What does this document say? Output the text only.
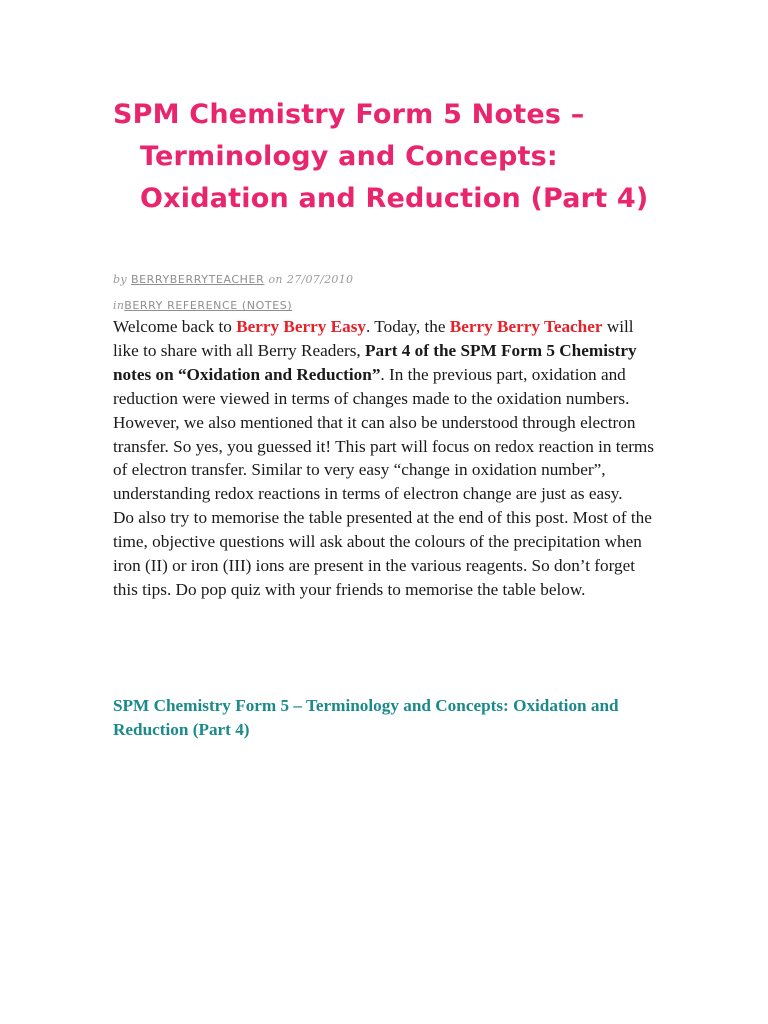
SPM Chemistry Form 5 Notes – Terminology and Concepts: Oxidation and Reduction (Part 4)
by BERRYBERRYTEACHER on 27/07/2010
inBERRY REFERENCE (NOTES)

Welcome back to Berry Berry Easy. Today, the Berry Berry Teacher will like to share with all Berry Readers, Part 4 of the SPM Form 5 Chemistry notes on “Oxidation and Reduction”. In the previous part, oxidation and reduction were viewed in terms of changes made to the oxidation numbers. However, we also mentioned that it can also be understood through electron transfer. So yes, you guessed it! This part will focus on redox reaction in terms of electron transfer. Similar to very easy “change in oxidation number”, understanding redox reactions in terms of electron change are just as easy.

Do also try to memorise the table presented at the end of this post. Most of the time, objective questions will ask about the colours of the precipitation when iron (II) or iron (III) ions are present in the various reagents. So don’t forget this tips. Do pop quiz with your friends to memorise the table below.

SPM Chemistry Form 5 – Terminology and Concepts: Oxidation and Reduction (Part 4)
